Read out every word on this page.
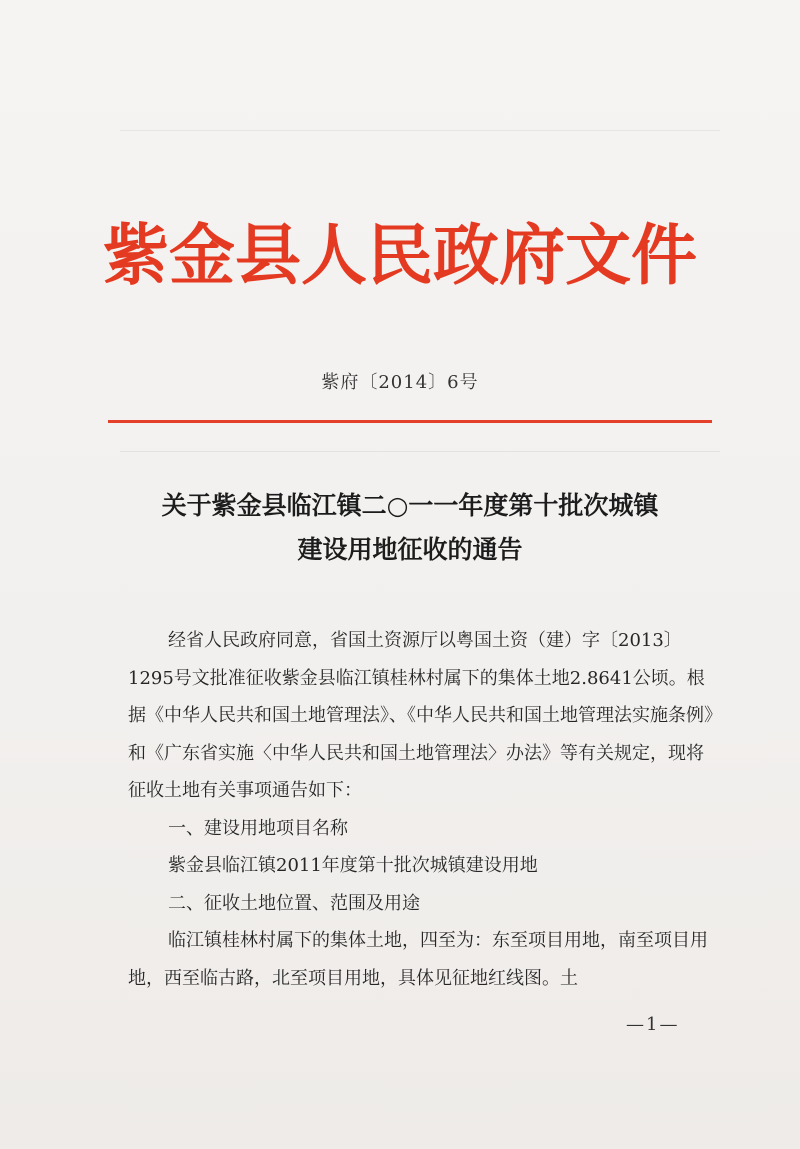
紫金县人民政府文件
紫府〔2014〕6号
关于紫金县临江镇二○一一年度第十批次城镇
建设用地征收的通告

经省人民政府同意，省国土资源厅以粤国土资（建）字〔2013〕1295号文批准征收紫金县临江镇桂林村属下的集体土地2.8641公顷。根据《中华人民共和国土地管理法》、《中华人民共和国土地管理法实施条例》和《广东省实施〈中华人民共和国土地管理法〉办法》等有关规定，现将征收土地有关事项通告如下：

一、建设用地项目名称

紫金县临江镇2011年度第十批次城镇建设用地

二、征收土地位置、范围及用途

临江镇桂林村属下的集体土地，四至为：东至项目用地，南至项目用地，西至临古路，北至项目用地，具体见征地红线图。土

—1—
